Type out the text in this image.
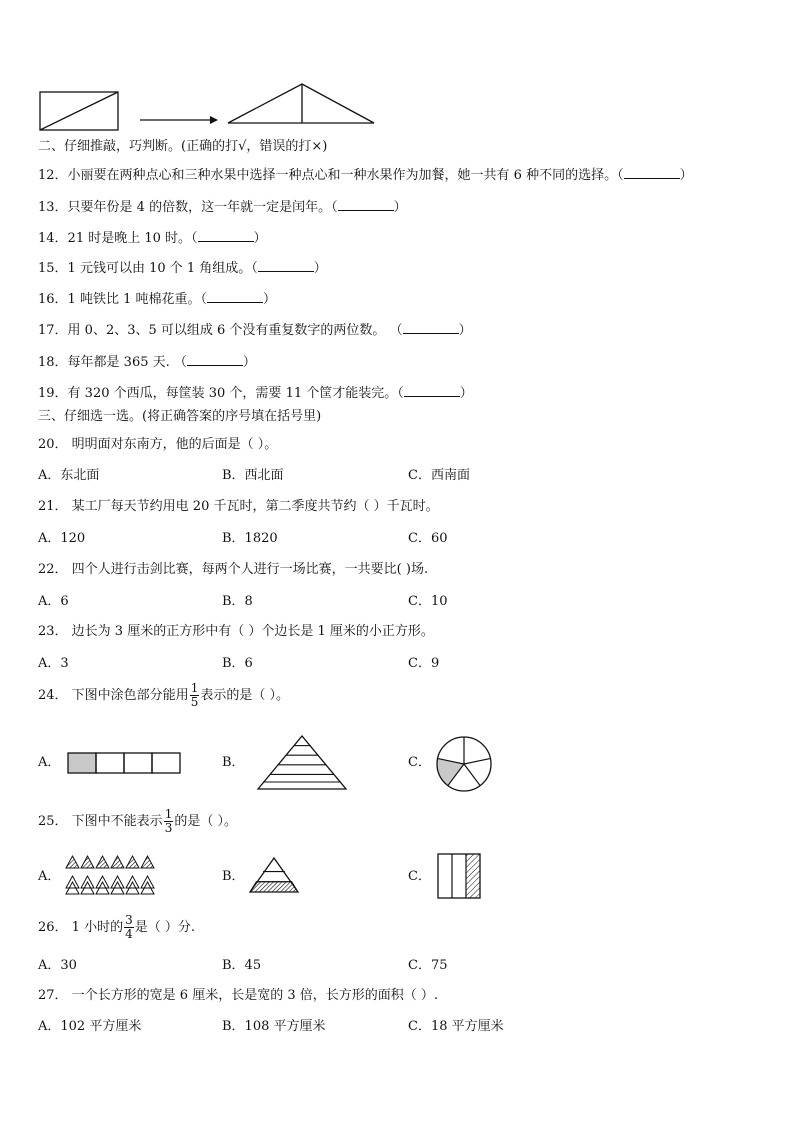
二、仔细推敲，巧判断。(正确的打√，错误的打×)
12．小丽要在两种点心和三种水果中选择一种点心和一种水果作为加餐，她一共有 6 种不同的选择。（	）
13．只要年份是 4 的倍数，这一年就一定是闰年。（	）
14．21 时是晚上 10 时。（	）
15．1 元钱可以由 10 个 1 角组成。（	）
16．1 吨铁比 1 吨棉花重。（	）
17．用 0、2、3、5 可以组成 6 个没有重复数字的两位数。 （	）
18．每年都是 365 天. （	）
19．有 320 个西瓜，每筐装 30 个，需要 11 个筐才能装完。（	）
三、仔细选一选。(将正确答案的序号填在括号里)
20． 明明面对东南方，他的后面是（ ）。
A．东北面	B．西北面	C．西南面
21． 某工厂每天节约用电 20 千瓦时，第二季度共节约（ ）千瓦时。
A．120	B．1820	C．60
22． 四个人进行击剑比赛，每两个人进行一场比赛，一共要比( )场.
A．6	B．8	C．10
23． 边长为 3 厘米的正方形中有（ ）个边长是 1 厘米的小正方形。
A．3	B．6	C．9
24． 下图中涂色部分能用 $\frac{1}{5}$ 表示的是（ ）。
A．	B．	C．
25． 下图中不能表示 $\frac{1}{3}$ 的是（ ）。
A．	B．	C．
26． 1 小时的 $\frac{3}{4}$ 是（ ）分.
A．30	B．45	C．75
27． 一个长方形的宽是 6 厘米，长是宽的 3 倍，长方形的面积（ ）.
A．102 平方厘米	B．108 平方厘米	C．18 平方厘米
